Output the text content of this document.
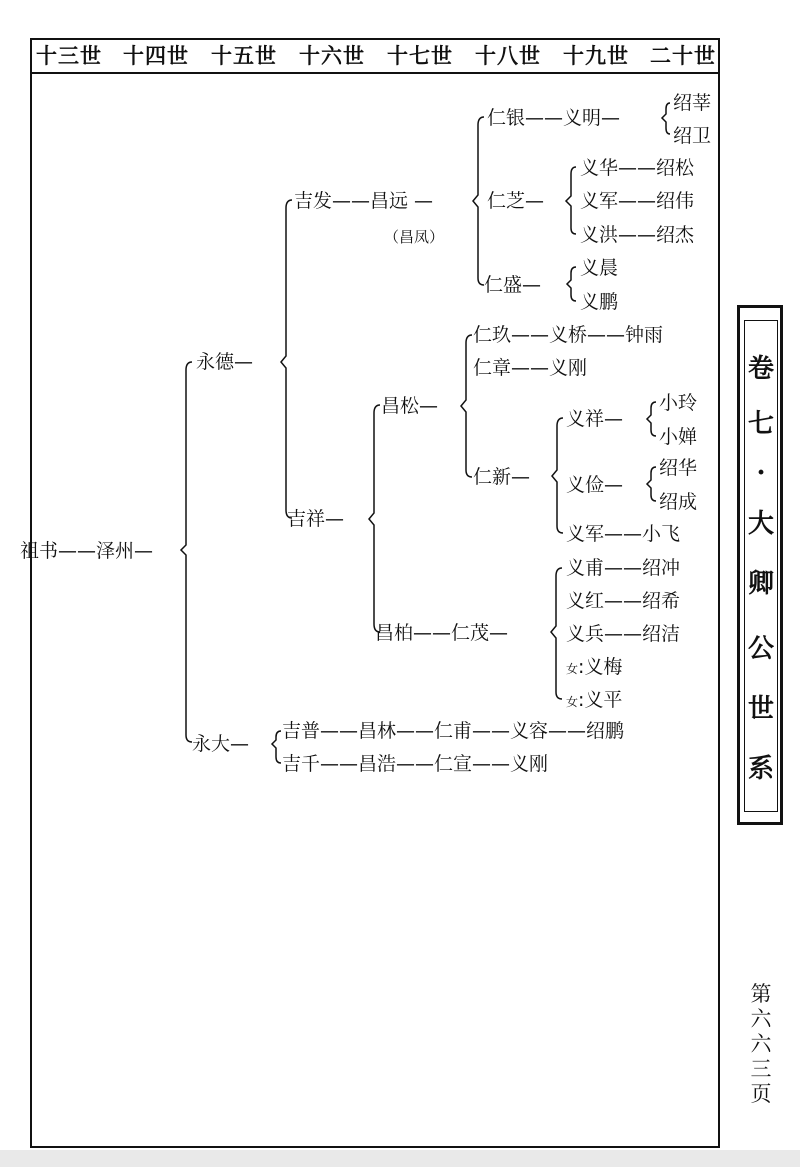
十三世 十四世 十五世 十六世 十七世 十八世 十九世 二十世
祖书——泽州—
永德—
永大—
吉发——昌远 —
（昌凤）
仁银——义明—
绍莘
绍卫
仁芝—
义华——绍松
义军——绍伟
义洪——绍杰
仁盛—
义晨
义鹏
吉祥—
昌松—
仁玖——义桥——钟雨
仁章——义刚
仁新—
义祥—
小玲
小婵
义俭—
绍华
绍成
义军——小飞
昌柏——仁茂—
义甫——绍冲
义红——绍希
义兵——绍洁
女:义梅
女:义平
吉普——昌林——仁甫——义容——绍鹏
吉千——昌浩——仁宣——义刚
卷
七
·
大
卿
公
世
系
第六六三页
